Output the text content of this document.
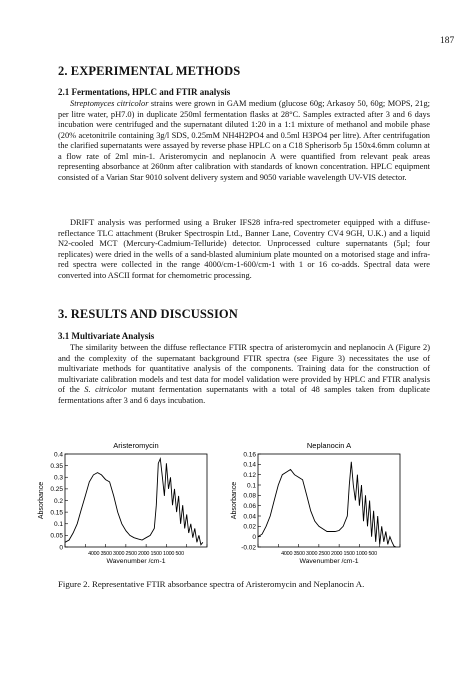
187
2. EXPERIMENTAL METHODS
2.1 Fermentations, HPLC and FTIR analysis
Streptomyces citricolor strains were grown in GAM medium (glucose 60g; Arkasoy 50, 60g; MOPS, 21g; per litre water, pH7.0) in duplicate 250ml fermentation flasks at 28°C. Samples extracted after 3 and 6 days incubation were centrifuged and the supernatant diluted 1:20 in a 1:1 mixture of methanol and mobile phase (20% acetonitrile containing 3g/l SDS, 0.25mM NH4H2PO4 and 0.5ml H3PO4 per litre). After centrifugation the clarified supernatants were assayed by reverse phase HPLC on a C18 Spherisorb 5µ 150x4.6mm column at a flow rate of 2ml min-1. Aristeromycin and neplanocin A were quantified from relevant peak areas representing absorbance at 260nm after calibration with standards of known concentration. HPLC equipment consisted of a Varian Star 9010 solvent delivery system and 9050 variable wavelength UV-VIS detector.
DRIFT analysis was performed using a Bruker IFS28 infra-red spectrometer equipped with a diffuse-reflectance TLC attachment (Bruker Spectrospin Ltd., Banner Lane, Coventry CV4 9GH, U.K.) and a liquid N2-cooled MCT (Mercury-Cadmium-Telluride) detector. Unprocessed culture supernatants (5µl; four replicates) were dried in the wells of a sand-blasted aluminium plate mounted on a motorised stage and infra-red spectra were collected in the range 4000/cm-1-600/cm-1 with 1 or 16 co-adds. Spectral data were converted into ASCII format for chemometric processing.
3. RESULTS AND DISCUSSION
3.1 Multivariate Analysis
The similarity between the diffuse reflectance FTIR spectra of aristeromycin and neplanocin A (Figure 2) and the complexity of the supernatant background FTIR spectra (see Figure 3) necessitates the use of multivariate methods for quantitative analysis of the components. Training data for the construction of multivariate calibration models and test data for model validation were provided by HPLC and FTIR analysis of the S. citricolor mutant fermentation supernatants with a total of 48 samples taken from duplicate fermentations after 3 and 6 days incubation.
Aristeromycin
0
0.05
0.1
0.15
0.2
0.25
0.3
0.35
0.4
4000 3500 3000 2500 2000 1500 1000 500
Wavenumber /cm-1
Absorbance
Neplanocin A
-0.02
0
0.02
0.04
0.06
0.08
0.1
0.12
0.14
0.16
4000 3500 3000 2500 2000 1500 1000 500
Wavenumber /cm-1
Absorbance
Figure 2. Representative FTIR absorbance spectra of Aristeromycin and Neplanocin A.
